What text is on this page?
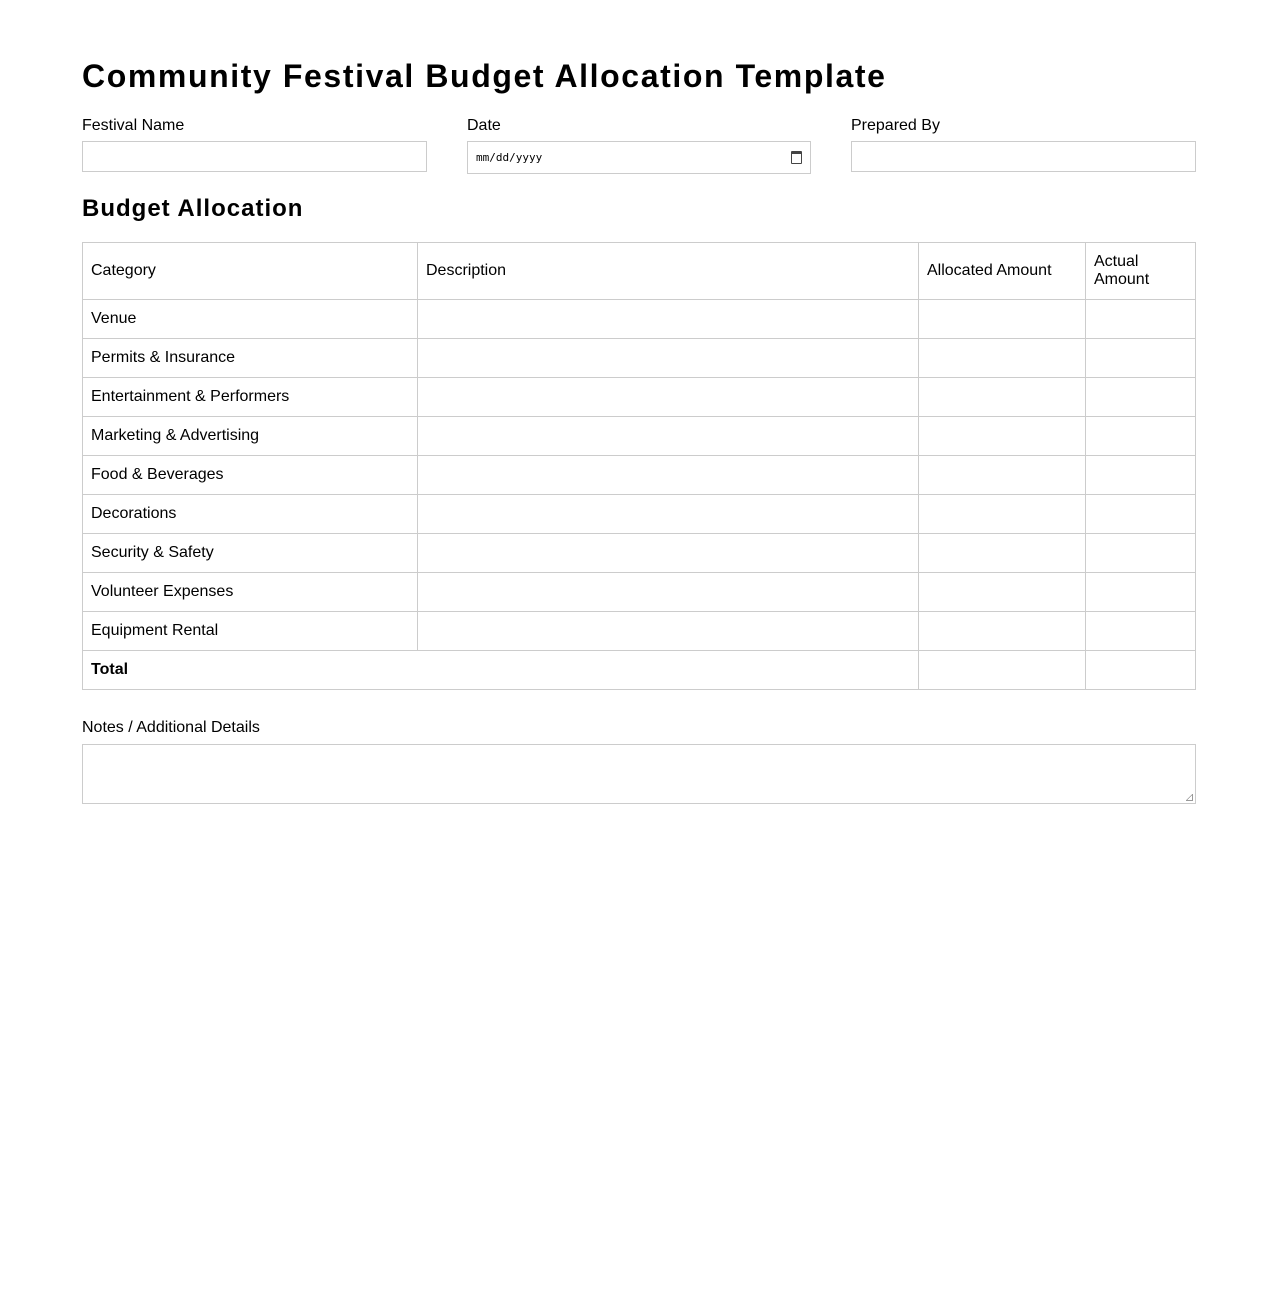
Community Festival Budget Allocation Template
Festival Name	Date
mm/dd/yyyy
Prepared By
Budget Allocation
Category	Description	Allocated Amount	Actual Amount

Venue			
Permits & Insurance			
Entertainment & Performers			
Marketing & Advertising			
Food & Beverages			
Decorations			
Security & Safety			
Volunteer Expenses			
Equipment Rental			
Total			
Notes / Additional Details
